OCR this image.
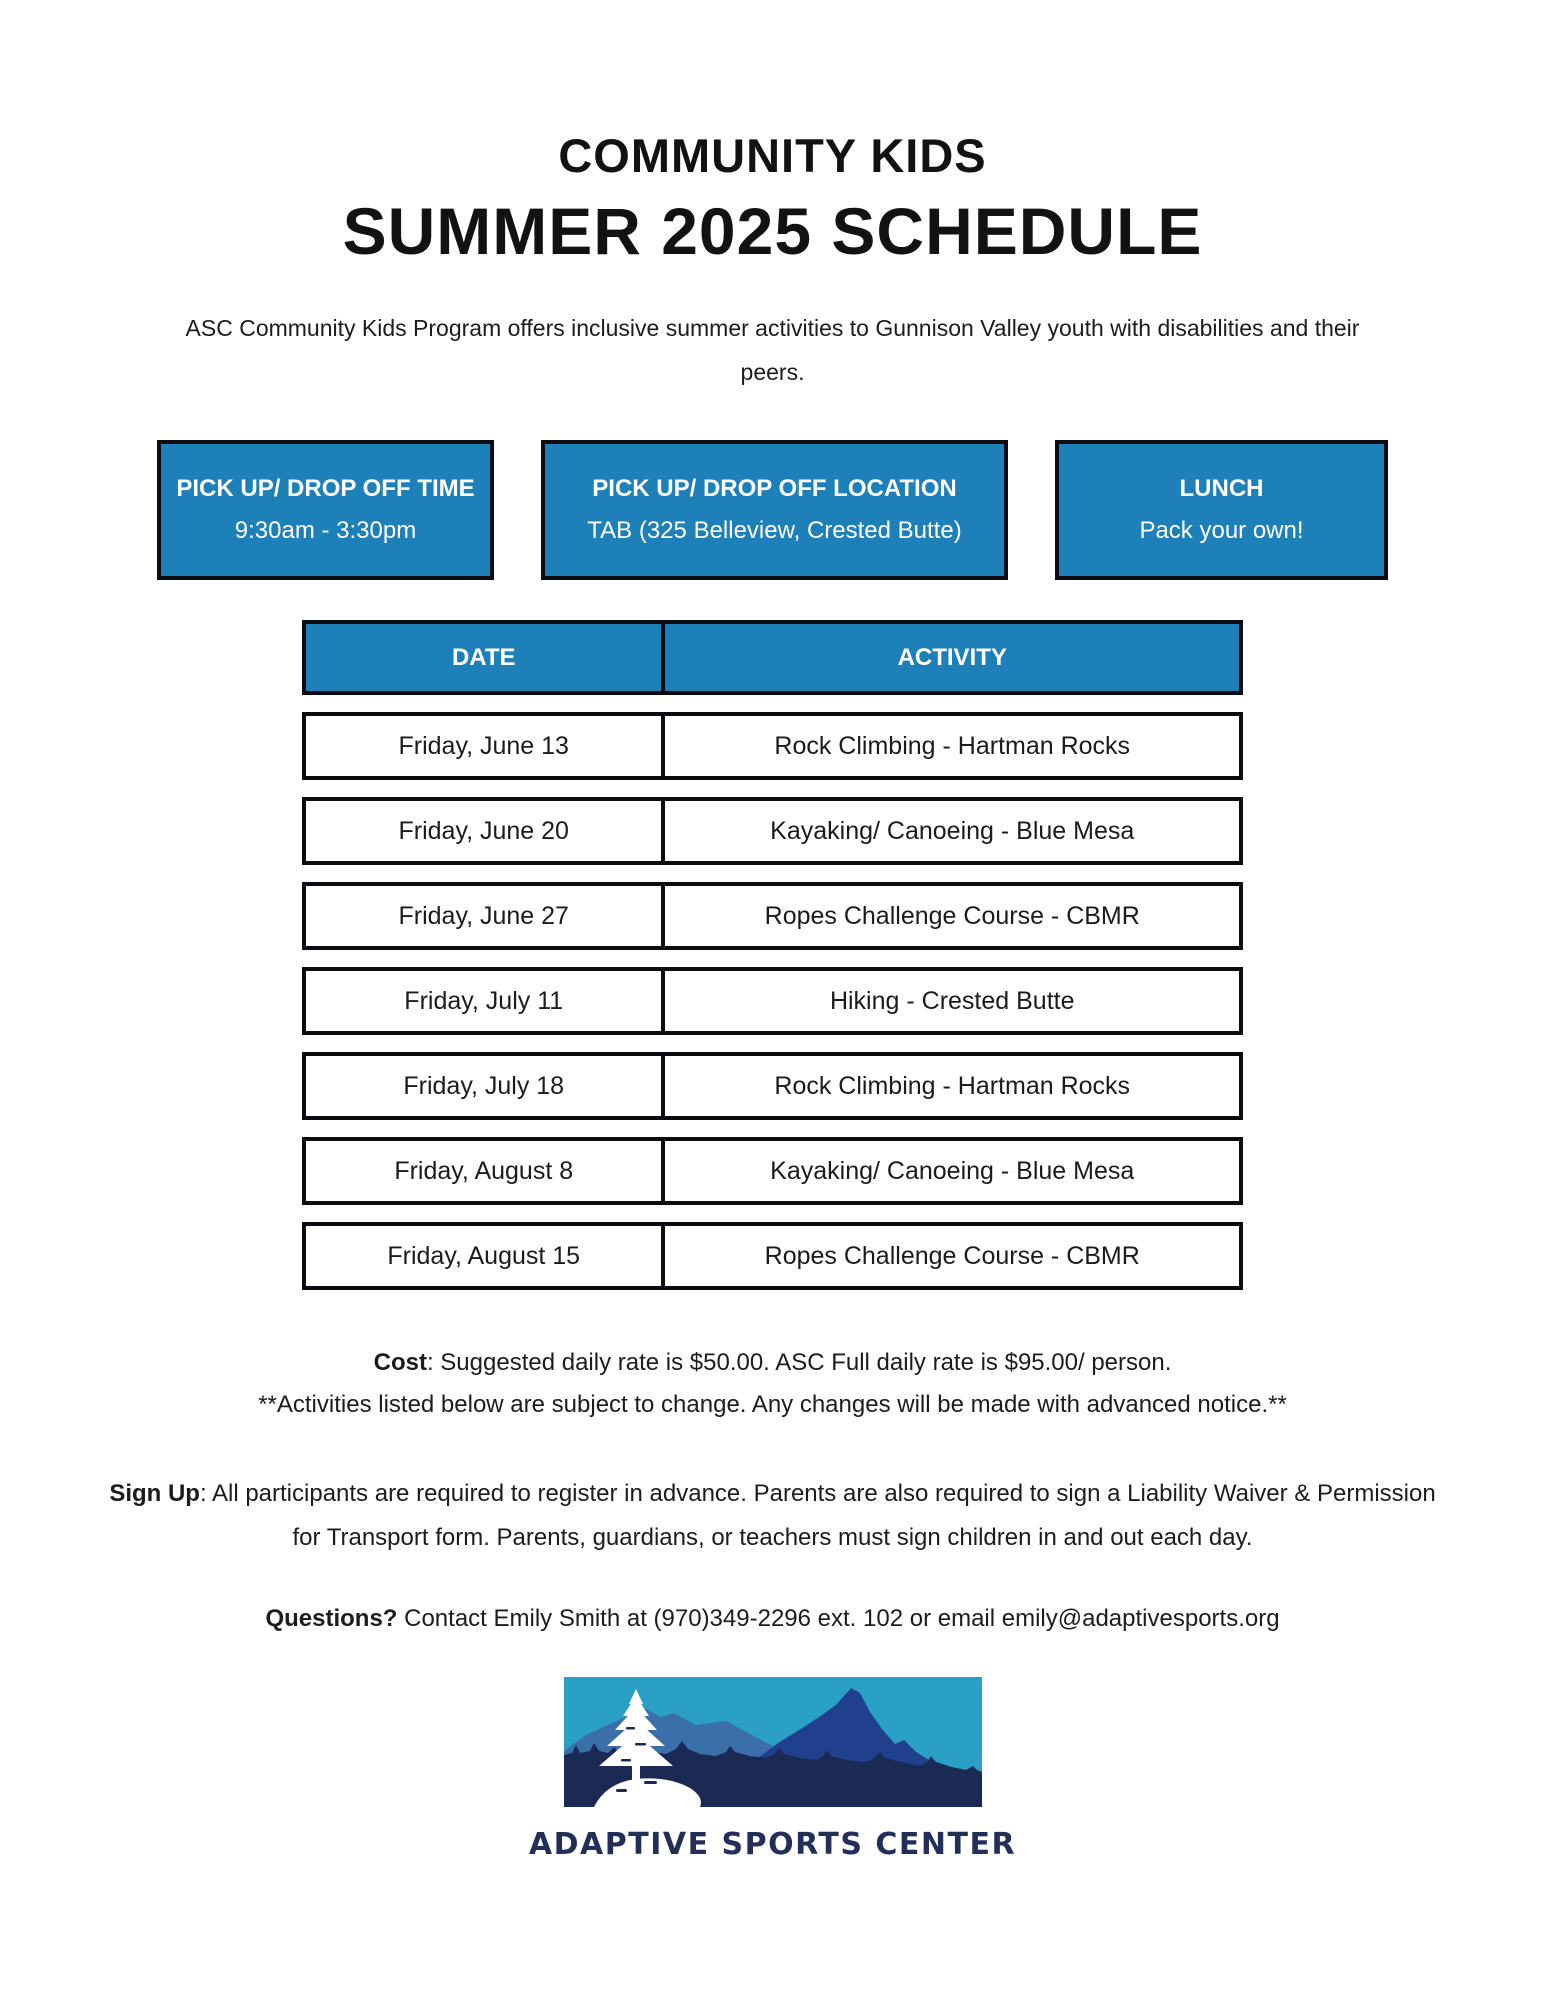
COMMUNITY KIDS
SUMMER 2025 SCHEDULE

ASC Community Kids Program offers inclusive summer activities to Gunnison Valley youth with disabilities and their peers.

PICK UP/ DROP OFF TIME
9:30am - 3:30pm
PICK UP/ DROP OFF LOCATION
TAB (325 Belleview, Crested Butte)
LUNCH
Pack your own!
DATE	ACTIVITY
Friday, June 13	Rock Climbing - Hartman Rocks
Friday, June 20	Kayaking/ Canoeing - Blue Mesa
Friday, June 27	Ropes Challenge Course - CBMR
Friday, July 11	Hiking - Crested Butte
Friday, July 18	Rock Climbing - Hartman Rocks
Friday, August 8	Kayaking/ Canoeing - Blue Mesa
Friday, August 15	Ropes Challenge Course - CBMR
Cost: Suggested daily rate is $50.00. ASC Full daily rate is $95.00/ person.
**Activities listed below are subject to change. Any changes will be made with advanced notice.**
Sign Up: All participants are required to register in advance. Parents are also required to sign a Liability Waiver & Permission for Transport form. Parents, guardians, or teachers must sign children in and out each day.
Questions? Contact Emily Smith at (970)349-2296 ext. 102 or email emily@adaptivesports.org
ADAPTIVE SPORTS CENTER
